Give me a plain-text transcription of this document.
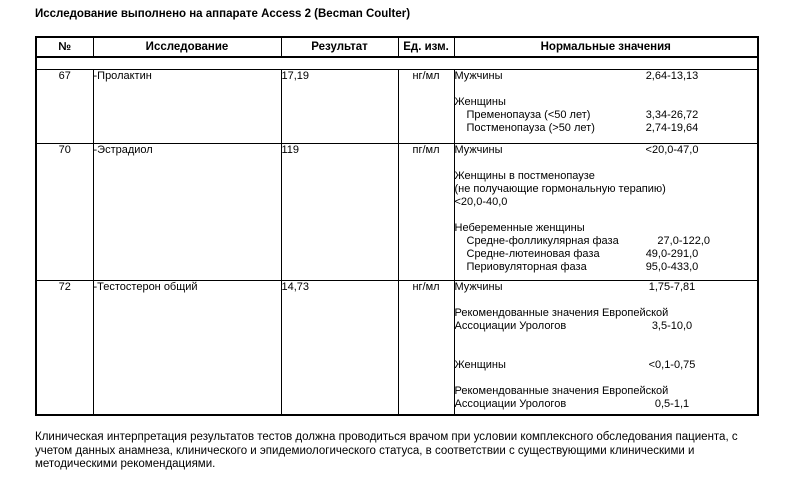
Исследование выполнено на аппарате Access 2 (Becman Coulter)
№	Исследование	Результат	Ед. изм.	Нормальные значения

67	-Пролактин	17,19	нг/мл	Мужчины	2,64-13,13
Женщины
Пременопауза (<50 лет)	3,34-26,72
Постменопауза (>50 лет)	2,74-19,64

70	-Эстрадиол	119	пг/мл	Мужчины	<20,0-47,0
Женщины в постменопаузе
(не получающие гормональную терапию)
<20,0-40,0
Небеременные женщины
Средне-фолликулярная фаза	27,0-122,0
Средне-лютеиновая фаза	49,0-291,0
Периовуляторная фаза	95,0-433,0

72	-Тестостерон общий	14,73	нг/мл	Мужчины	1,75-7,81
Рекомендованные значения Европейской
Ассоциации Урологов	3,5-10,0
Женщины	<0,1-0,75
Рекомендованные значения Европейской
Ассоциации Урологов	0,5-1,1
Клиническая интерпретация результатов тестов должна проводиться врачом при условии комплексного обследования пациента, с учетом данных анамнеза, клинического и эпидемиологического статуса, в соответствии с существующими клиническими и методическими рекомендациями.
